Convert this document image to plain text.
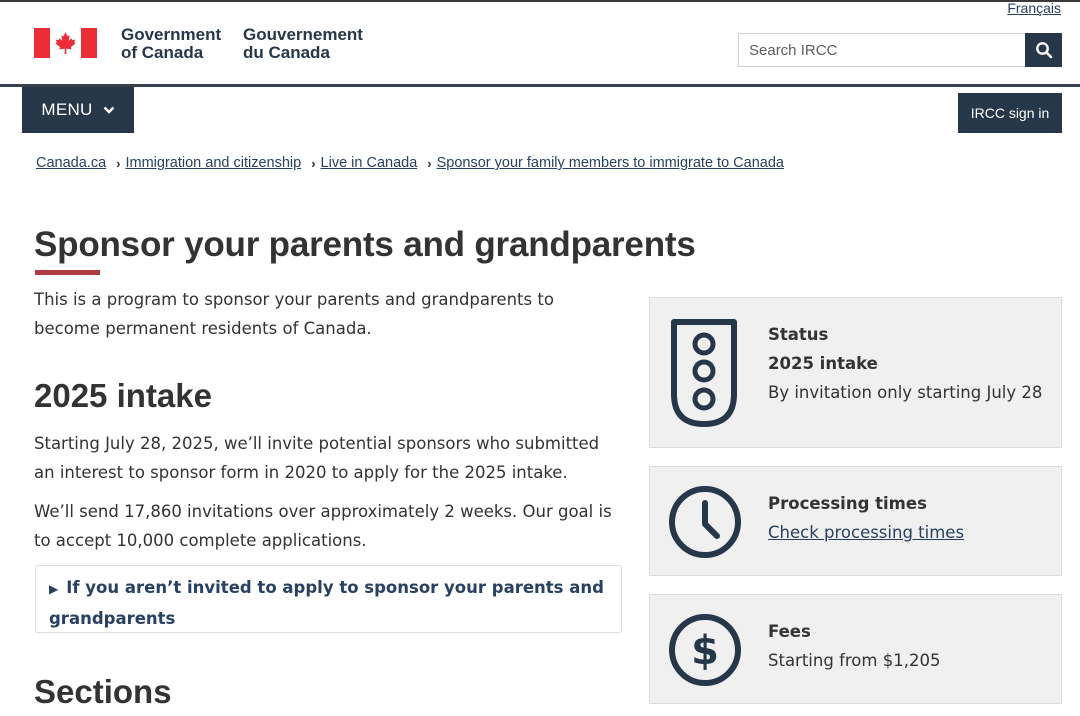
Français
Government
of Canada
Gouvernement
du Canada
Search IRCC
MENU	IRCC sign in
Canada.ca › Immigration and citizenship › Live in Canada › Sponsor your family members to immigrate to Canada
Sponsor your parents and grandparents

This is a program to sponsor your parents and grandparents to become permanent residents of Canada.

2025 intake

Starting July 28, 2025, we’ll invite potential sponsors who submitted an interest to sponsor form in 2020 to apply for the 2025 intake.

We’ll send 17,860 invitations over approximately 2 weeks. Our goal is to accept 10,000 complete applications.

▶ If you aren’t invited to apply to sponsor your parents and grandparents
Sections
Status
2025 intake
By invitation only starting July 28
Processing times
Check processing times
$	Fees
Starting from $1,205
